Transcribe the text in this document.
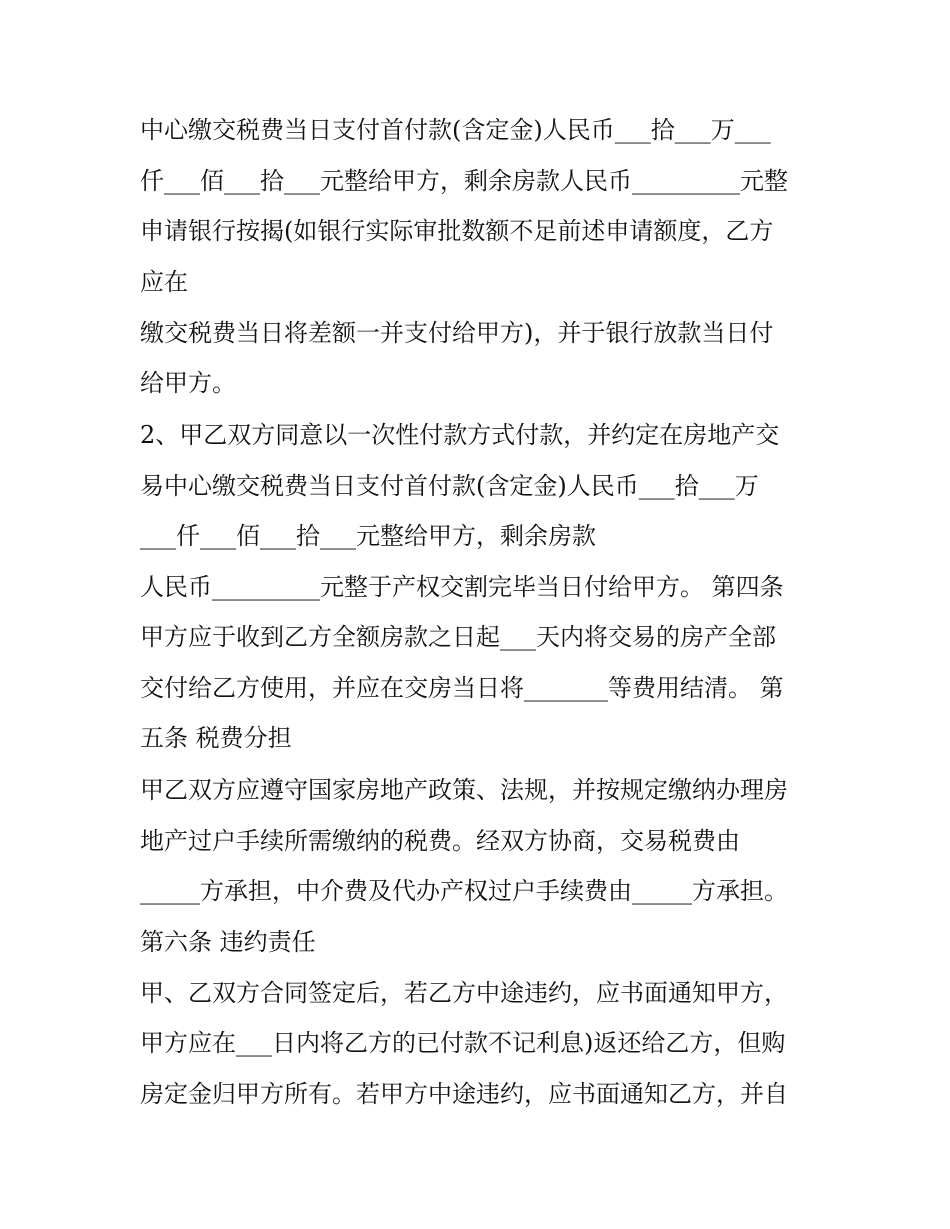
中心缴交税费当日支付首付款(含定金)人民币___拾___万___
仟___佰___拾___元整给甲方，剩余房款人民币_________元整
申请银行按揭(如银行实际审批数额不足前述申请额度，乙方
应在
缴交税费当日将差额一并支付给甲方)，并于银行放款当日付
给甲方。
2、甲乙双方同意以一次性付款方式付款，并约定在房地产交
易中心缴交税费当日支付首付款(含定金)人民币___拾___万
___仟___佰___拾___元整给甲方，剩余房款
人民币_________元整于产权交割完毕当日付给甲方。 第四条
甲方应于收到乙方全额房款之日起___天内将交易的房产全部
交付给乙方使用，并应在交房当日将_______等费用结清。 第
五条 税费分担
甲乙双方应遵守国家房地产政策、法规，并按规定缴纳办理房
地产过户手续所需缴纳的税费。经双方协商，交易税费由
_____方承担，中介费及代办产权过户手续费由_____方承担。
第六条 违约责任
甲、乙双方合同签定后，若乙方中途违约，应书面通知甲方，
甲方应在___日内将乙方的已付款不记利息)返还给乙方，但购
房定金归甲方所有。若甲方中途违约，应书面通知乙方，并自
